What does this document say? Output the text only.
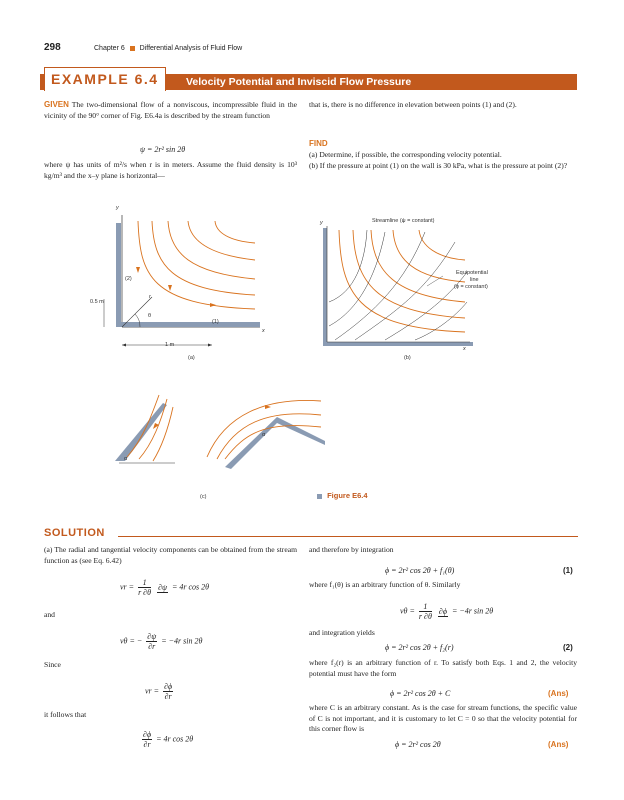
298	Chapter 6 Differential Analysis of Fluid Flow
EXAMPLE 6.4	Velocity Potential and Inviscid Flow Pressure
GIVEN The two-dimensional flow of a nonviscous, incompressible fluid in the vicinity of the 90° corner of Fig. E6.4a is described by the stream function
ψ = 2r² sin 2θ
where ψ has units of m²/s when r is in meters. Assume the fluid density is 10³ kg/m³ and the x–y plane is horizontal—
that is, there is no difference in elevation between points (1) and (2).
FIND
(a) Determine, if possible, the corresponding velocity potential.
(b) If the pressure at point (1) on the wall is 30 kPa, what is the pressure at point (2)?
y
(2)
r
0.5 m
θ
(1)
x
1 m
(a)
y	Streamline (ψ = constant)
Equipotential
line
(ϕ = constant)
x
(b)
α
α
(c)	Figure E6.4
SOLUTION
(a) The radial and tangential velocity components can be obtained from the stream function as (see Eq. 6.42)
vr = $\frac{1}{r \partial\theta}$
∂ψ = 4r cos 2θ
and
vθ = − $\frac{\partial\psi}{\partial r} = -4r$ sin 2θ
Since
vr = $\frac{\partial\phi}{\partial r}$
it follows that
$\frac{\partial\phi}{\partial r} = 4r$ cos 2θ
and therefore by integration
ϕ = 2r² cos 2θ + f₁(θ)	(1)
where f₁(θ) is an arbitrary function of θ. Similarly
$v\theta = \frac{1}{r \partial\theta}$
∂ϕ = −4r sin 2θ
and integration yields
ϕ = 2r² cos 2θ + f₂(r)	(2)
where f₂(r) is an arbitrary function of r. To satisfy both Eqs. 1 and 2, the velocity potential must have the form
ϕ = 2r² cos 2θ + C	(Ans)
where C is an arbitrary constant. As is the case for stream functions, the specific value of C is not important, and it is customary to let C = 0 so that the velocity potential for this corner flow is
ϕ = 2r² cos 2θ	(Ans)
